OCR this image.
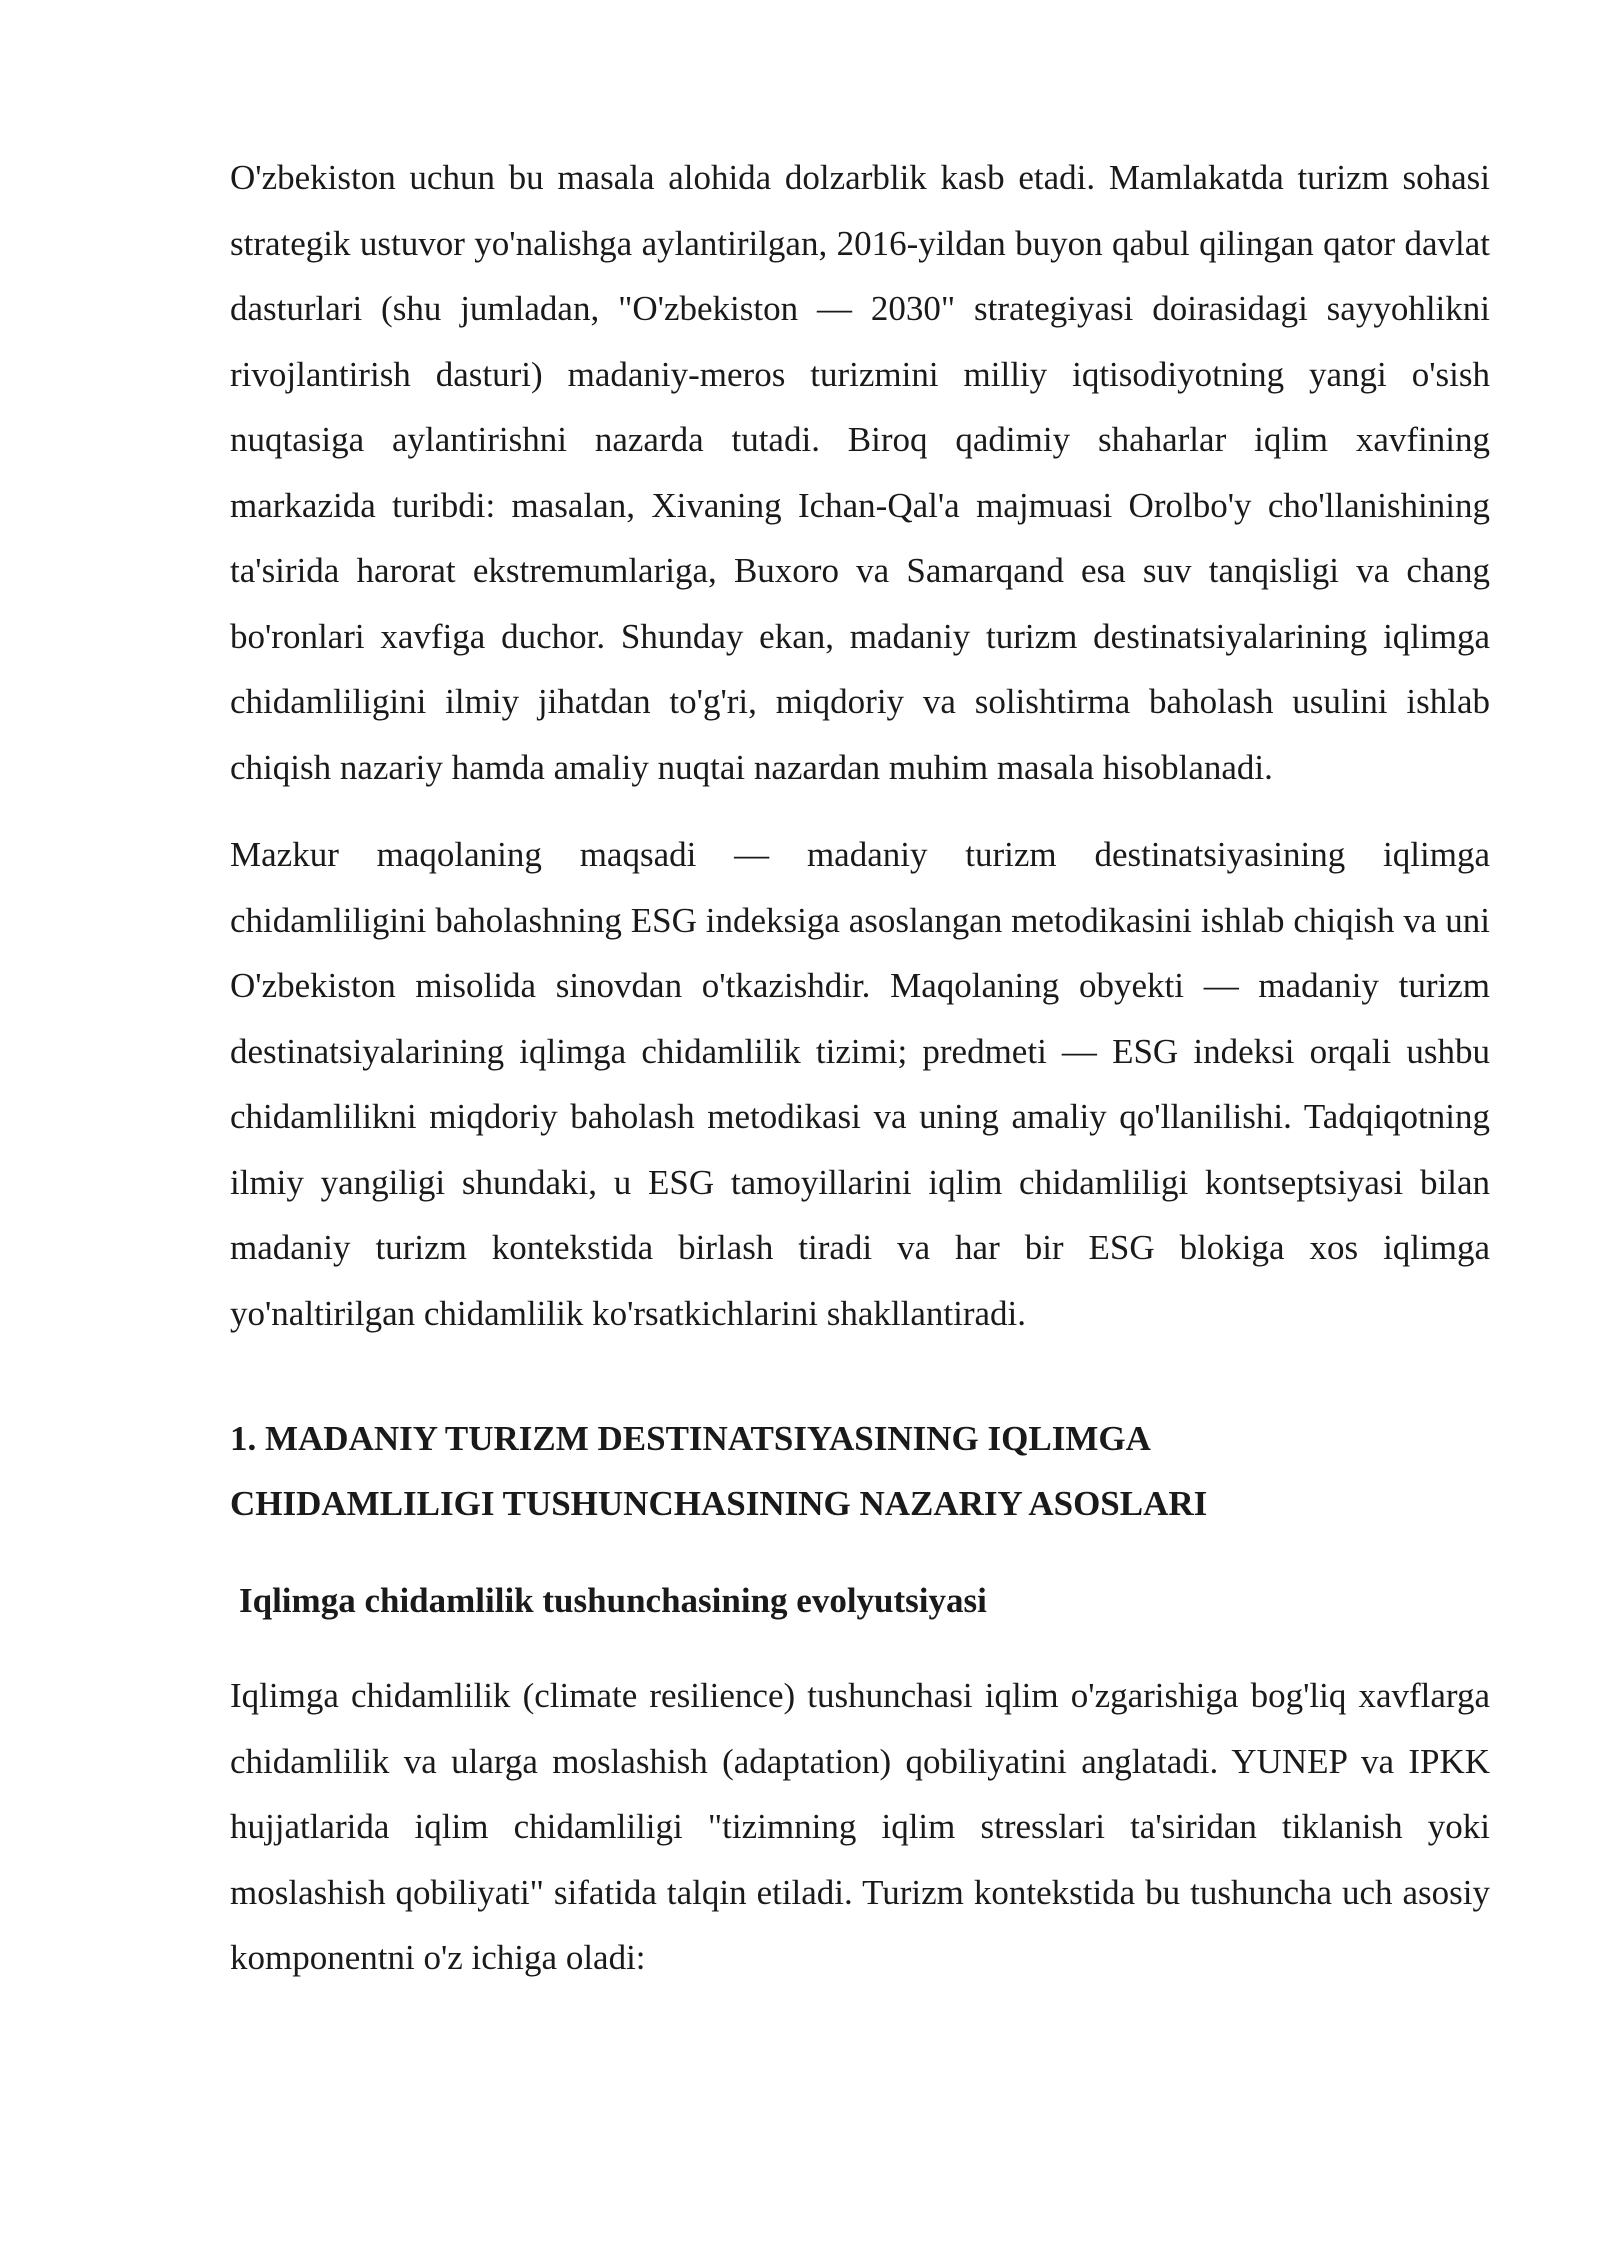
O'zbekiston uchun bu masala alohida dolzarblik kasb etadi. Mamlakatda turizm sohasi strategik ustuvor yo'nalishga aylantirilgan, 2016-yildan buyon qabul qilingan qator davlat dasturlari (shu jumladan, "O'zbekiston — 2030" strategiyasi doirasidagi sayyohlikni rivojlantirish dasturi) madaniy-meros turizmini milliy iqtisodiyotning yangi o'sish nuqtasiga aylantirishni nazarda tutadi. Biroq qadimiy shaharlar iqlim xavfining markazida turibdi: masalan, Xivaning Ichan-Qal'a majmuasi Orolbo'y cho'llanishining ta'sirida harorat ekstremumlariga, Buxoro va Samarqand esa suv tanqisligi va chang bo'ronlari xavfiga duchor. Shunday ekan, madaniy turizm destinatsiyalarining iqlimga chidamliligini ilmiy jihatdan to'g'ri, miqdoriy va solishtirma baholash usulini ishlab chiqish nazariy hamda amaliy nuqtai nazardan muhim masala hisoblanadi.

Mazkur maqolaning maqsadi — madaniy turizm destinatsiyasining iqlimga chidamliligini baholashning ESG indeksiga asoslangan metodikasini ishlab chiqish va uni O'zbekiston misolida sinovdan o'tkazishdir. Maqolaning obyekti — madaniy turizm destinatsiyalarining iqlimga chidamlilik tizimi; predmeti — ESG indeksi orqali ushbu chidamlilikni miqdoriy baholash metodikasi va uning amaliy qo'llanilishi. Tadqiqotning ilmiy yangiligi shundaki, u ESG tamoyillarini iqlim chidamliligi kontseptsiyasi bilan madaniy turizm kontekstida birlash tiradi va har bir ESG blokiga xos iqlimga yo'naltirilgan chidamlilik ko'rsatkichlarini shakllantiradi.

1. MADANIY TURIZM DESTINATSIYASINING IQLIMGA CHIDAMLILIGI TUSHUNCHASINING NAZARIY ASOSLARI
Iqlimga chidamlilik tushunchasining evolyutsiyasi

Iqlimga chidamlilik (climate resilience) tushunchasi iqlim o'zgarishiga bog'liq xavflarga chidamlilik va ularga moslashish (adaptation) qobiliyatini anglatadi. YUNEP va IPKK hujjatlarida iqlim chidamliligi "tizimning iqlim stresslari ta'siridan tiklanish yoki moslashish qobiliyati" sifatida talqin etiladi. Turizm kontekstida bu tushuncha uch asosiy komponentni o'z ichiga oladi:
